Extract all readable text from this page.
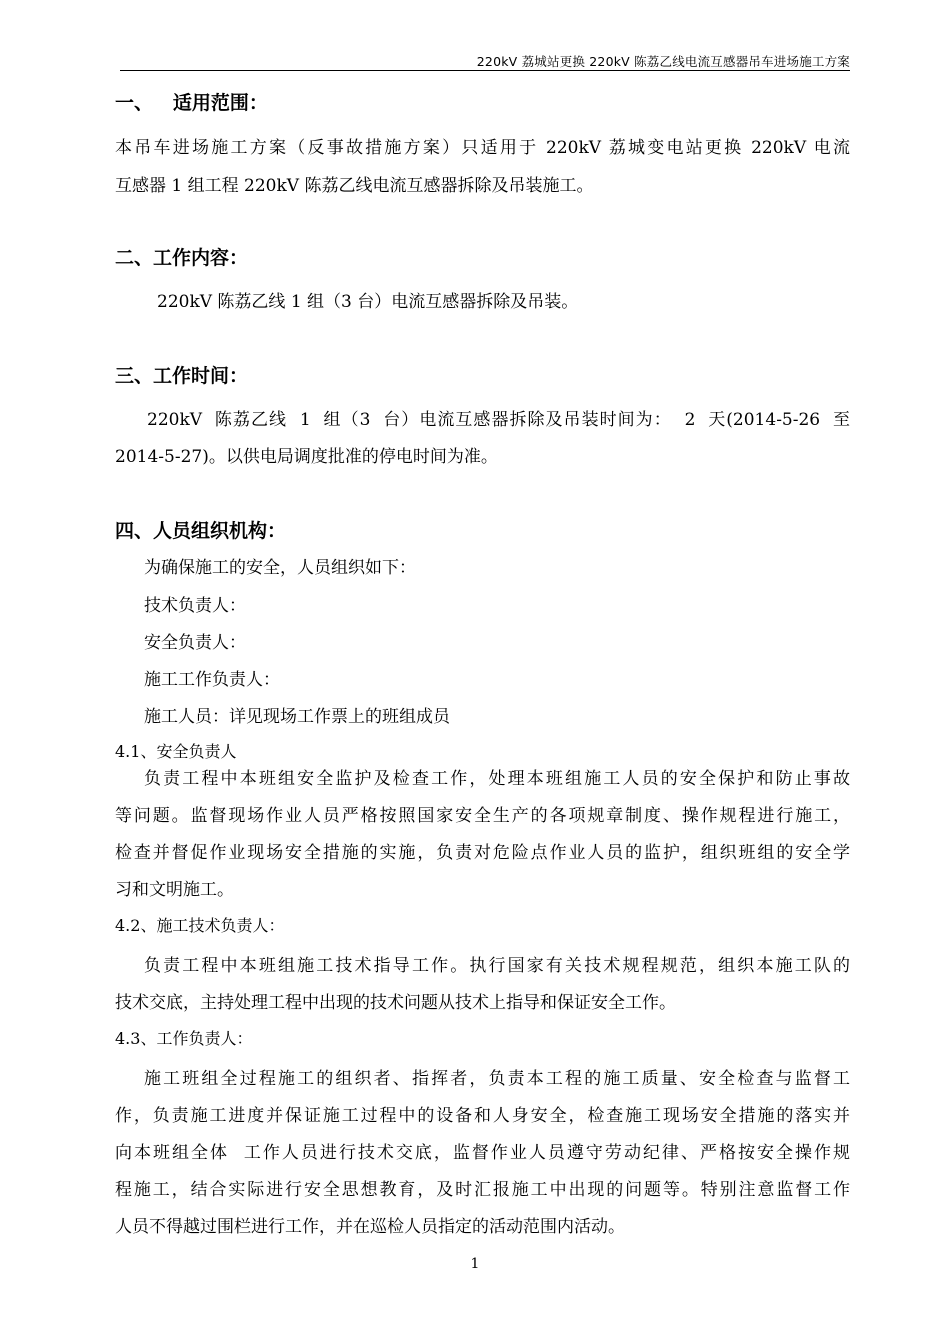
220kV 荔城站更换 220kV 陈荔乙线电流互感器吊车进场施工方案
一、   适用范围：
本吊车进场施工方案（反事故措施方案）只适用于 220kV 荔城变电站更换 220kV 电流
互感器 1 组工程 220kV 陈荔乙线电流互感器拆除及吊装施工。
二、工作内容：
220kV 陈荔乙线 1 组（3 台）电流互感器拆除及吊装。
三、工作时间：
220kV  陈荔乙线  1  组（3  台）电流互感器拆除及吊装时间为：  2  天(2014-5-26  至
2014-5-27)。以供电局调度批准的停电时间为准。
四、人员组织机构：
为确保施工的安全，人员组织如下：
技术负责人：
安全负责人：
施工工作负责人：
施工人员：详见现场工作票上的班组成员
4.1、安全负责人
负责工程中本班组安全监护及检查工作，处理本班组施工人员的安全保护和防止事故
等问题。监督现场作业人员严格按照国家安全生产的各项规章制度、操作规程进行施工，
检查并督促作业现场安全措施的实施，负责对危险点作业人员的监护，组织班组的安全学
习和文明施工。
4.2、施工技术负责人：
负责工程中本班组施工技术指导工作。执行国家有关技术规程规范，组织本施工队的
技术交底，主持处理工程中出现的技术问题从技术上指导和保证安全工作。
4.3、工作负责人：
施工班组全过程施工的组织者、指挥者，负责本工程的施工质量、安全检查与监督工
作，负责施工进度并保证施工过程中的设备和人身安全，检查施工现场安全措施的落实并
向本班组全体  工作人员进行技术交底，监督作业人员遵守劳动纪律、严格按安全操作规
程施工，结合实际进行安全思想教育，及时汇报施工中出现的问题等。特别注意监督工作
人员不得越过围栏进行工作，并在巡检人员指定的活动范围内活动。
1
